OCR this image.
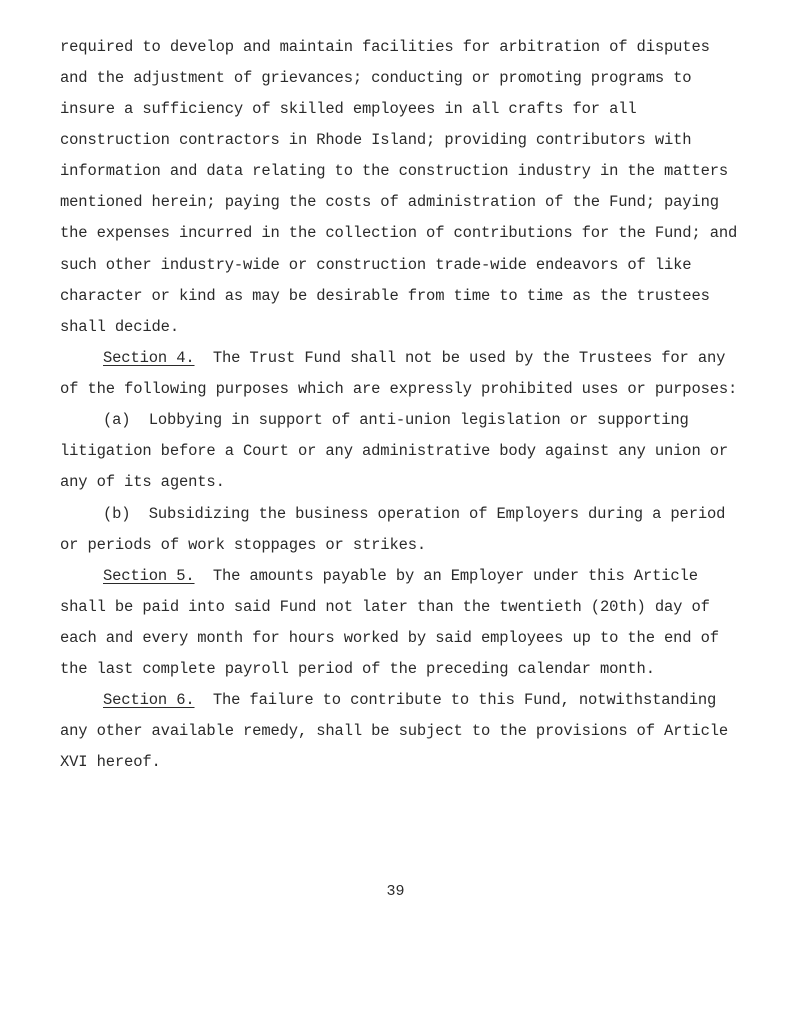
required to develop and maintain facilities for arbitration of disputes
and the adjustment of grievances; conducting or promoting programs to
insure a sufficiency of skilled employees in all crafts for all
construction contractors in Rhode Island; providing contributors with
information and data relating to the construction industry in the matters
mentioned herein; paying the costs of administration of the Fund; paying
the expenses incurred in the collection of contributions for the Fund; and
such other industry-wide or construction trade-wide endeavors of like
character or kind as may be desirable from time to time as the trustees
shall decide.
Section 4.  The Trust Fund shall not be used by the Trustees for any
of the following purposes which are expressly prohibited uses or purposes:
(a)  Lobbying in support of anti-union legislation or supporting
litigation before a Court or any administrative body against any union or
any of its agents.
(b)  Subsidizing the business operation of Employers during a period
or periods of work stoppages or strikes.
Section 5.  The amounts payable by an Employer under this Article
shall be paid into said Fund not later than the twentieth (20th) day of
each and every month for hours worked by said employees up to the end of
the last complete payroll period of the preceding calendar month.
Section 6.  The failure to contribute to this Fund, notwithstanding
any other available remedy, shall be subject to the provisions of Article
XVI hereof.
39
